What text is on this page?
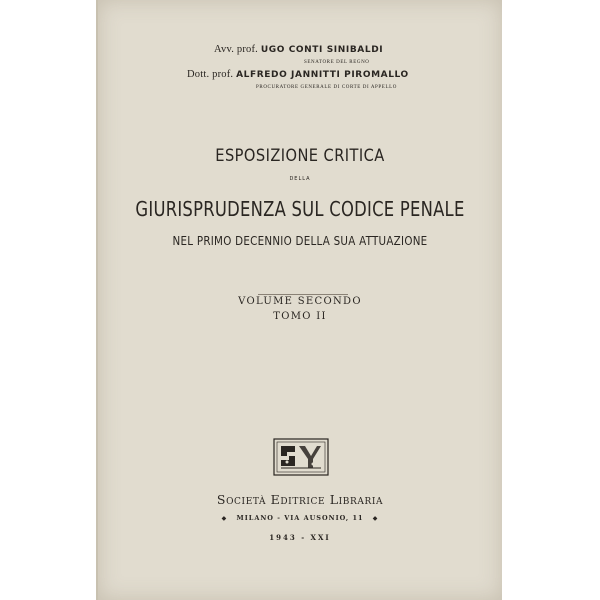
Avv. prof. UGO CONTI SINIBALDI
SENATORE DEL REGNO
Dott. prof. ALFREDO JANNITTI PIROMALLO
PROCURATORE GENERALE DI CORTE DI APPELLO
ESPOSIZIONE CRITICA
DELLA
GIURISPRUDENZA SUL CODICE PENALE
NEL PRIMO DECENNIO DELLA SUA ATTUAZIONE
VOLUME SECONDO
TOMO II
Società Editrice Libraria
◆ MILANO - VIA AUSONIO, 11 ◆
1943 - XXI
